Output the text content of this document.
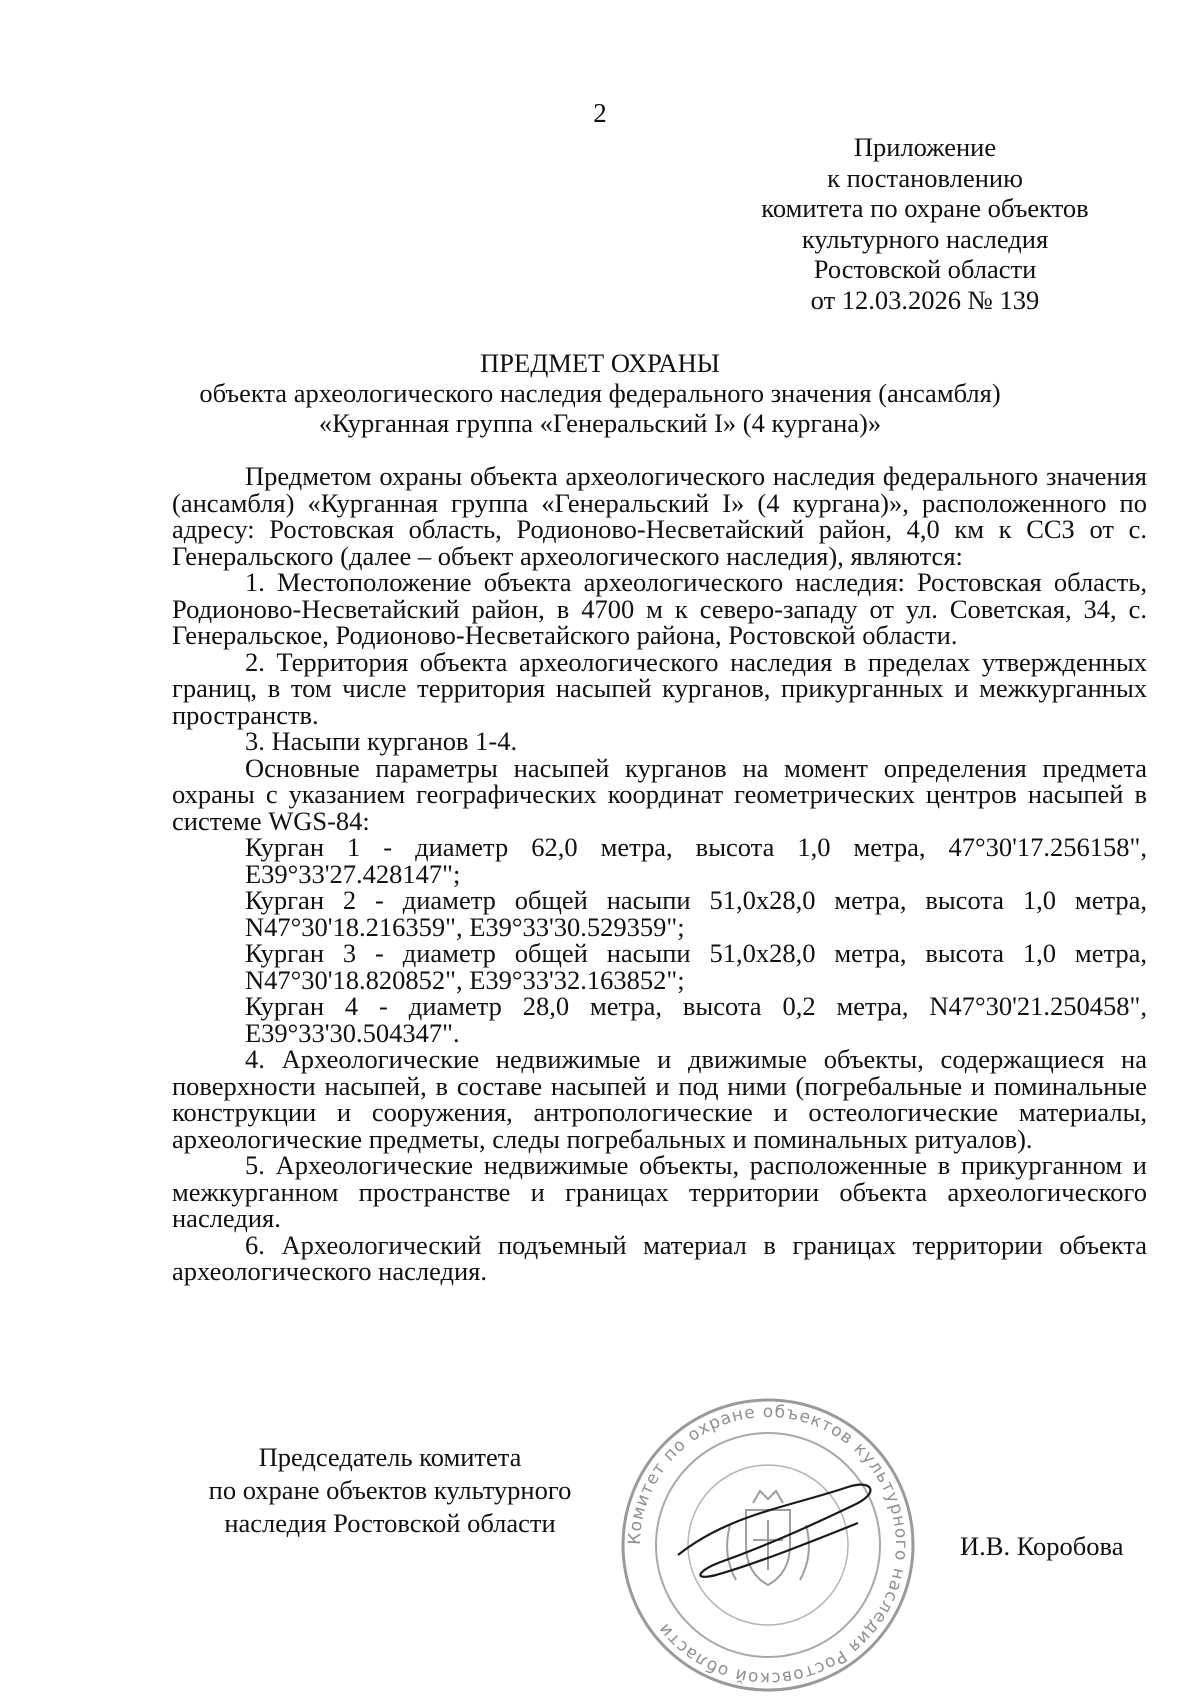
2
Приложение
к постановлению
комитета по охране объектов
культурного наследия
Ростовской области
от 12.03.2026 № 139
ПРЕДМЕТ ОХРАНЫ
объекта археологического наследия федерального значения (ансамбля)
«Курганная группа «Генеральский I» (4 кургана)»

Предметом охраны объекта археологического наследия федерального значения (ансамбля) «Курганная группа «Генеральский I» (4 кургана)», расположенного по адресу: Ростовская область, Родионово-Несветайский район, 4,0 км к ССЗ от с. Генеральского (далее – объект археологического наследия), являются:

1. Местоположение объекта археологического наследия: Ростовская область, Родионово-Несветайский район, в 4700 м к северо-западу от ул. Советская, 34, с. Генеральское, Родионово-Несветайского района, Ростовской области.

2. Территория объекта археологического наследия в пределах утвержденных границ, в том числе территория насыпей курганов, прикурганных и межкурганных пространств.

3. Насыпи курганов 1-4.

Основные параметры насыпей курганов на момент определения предмета охраны с указанием географических координат геометрических центров насыпей в системе WGS-84:

Курган 1 - диаметр 62,0 метра, высота 1,0 метра, 47°30'17.256158", E39°33'27.428147";

Курган 2 - диаметр общей насыпи 51,0х28,0 метра, высота 1,0 метра, N47°30'18.216359", E39°33'30.529359";

Курган 3 - диаметр общей насыпи 51,0х28,0 метра, высота 1,0 метра, N47°30'18.820852", E39°33'32.163852";

Курган 4 - диаметр 28,0 метра, высота 0,2 метра, N47°30'21.250458", E39°33'30.504347".

4. Археологические недвижимые и движимые объекты, содержащиеся на поверхности насыпей, в составе насыпей и под ними (погребальные и поминальные конструкции и сооружения, антропологические и остеологические материалы, археологические предметы, следы погребальных и поминальных ритуалов).

5. Археологические недвижимые объекты, расположенные в прикурганном и межкурганном пространстве и границах территории объекта археологического наследия.

6. Археологический подъемный материал в границах территории объекта археологического наследия.

Председатель комитета
по охране объектов культурного
наследия Ростовской области
Комитет по охране объектов культурного наследия Ростовской области
И.В. Коробова
